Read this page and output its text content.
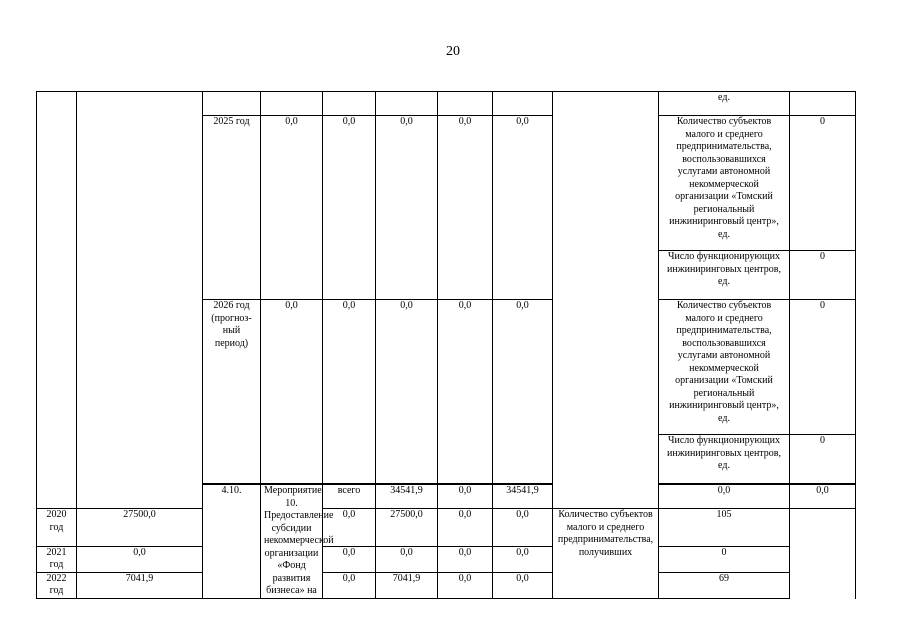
20
									ед.		
		2025 год	0,0	0,0	0,0	0,0	0,0		Количество субъектов малого и среднего предпринимательства, воспользовавшихся услугами автономной некоммерческой организации «Томский региональный инжиниринговый центр», ед.	0	
									Число функционирующих инжиниринговых центров, ед.	0	
		2026 год (прогноз-ный период)	0,0	0,0	0,0	0,0	0,0		Количество субъектов малого и среднего предпринимательства, воспользовавшихся услугами автономной некоммерческой организации «Томский региональный инжиниринговый центр», ед.	0	
									Число функционирующих инжиниринговых центров, ед.	0	

		4.10.	Мероприятие 10. Предоставление субсидии некоммерческой организации «Фонд развития бизнеса» на	всего	34541,9	0,0	34541,9		0,0	0,0			
2020 год	27500,0			0,0	27500,0	0,0	0,0	Количество субъектов малого и среднего предпринимательства, получивших	105		
2021 год	0,0			0,0	0,0	0,0	0,0		0		
2022 год	7041,9			0,0	7041,9	0,0	0,0		69		
